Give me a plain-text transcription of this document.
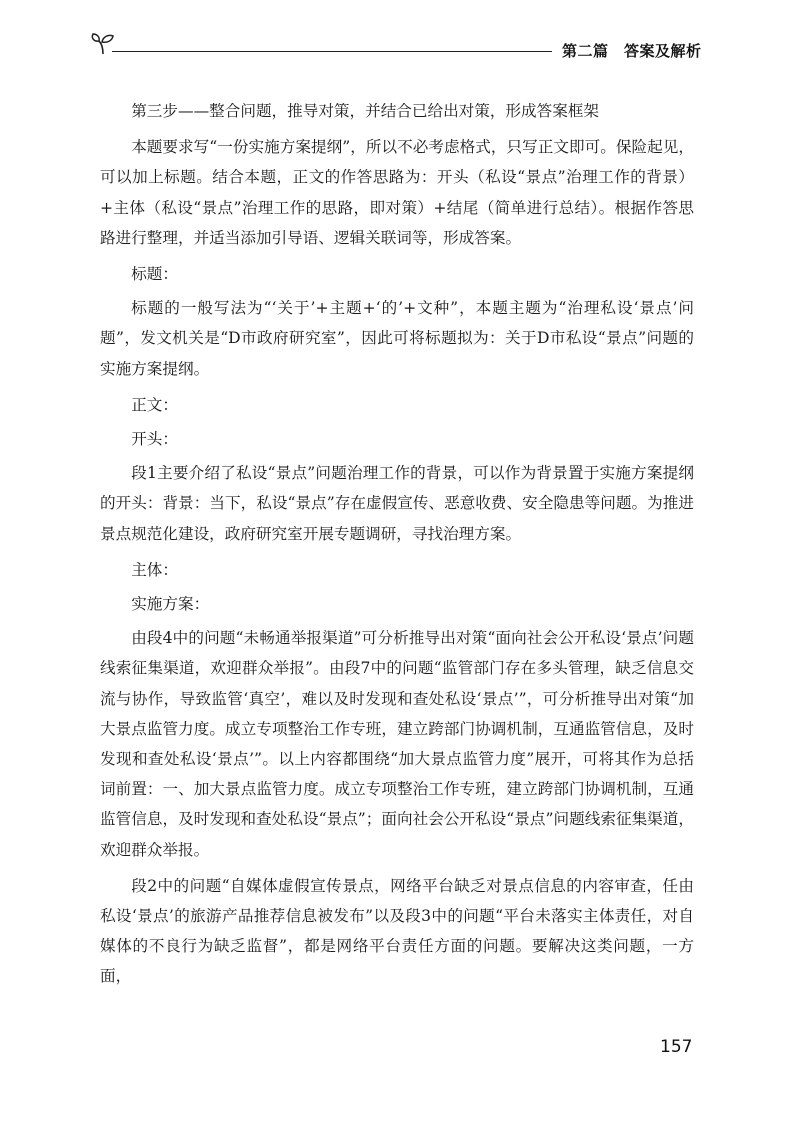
第二篇　答案及解析

第三步——整合问题，推导对策，并结合已给出对策，形成答案框架

本题要求写“一份实施方案提纲”，所以不必考虑格式，只写正文即可。保险起见，可以加上标题。结合本题，正文的作答思路为：开头（私设“景点”治理工作的背景）+主体（私设“景点”治理工作的思路，即对策）+结尾（简单进行总结）。根据作答思路进行整理，并适当添加引导语、逻辑关联词等，形成答案。

标题：

标题的一般写法为“‘关于’+主题+‘的’+文种”，本题主题为“治理私设‘景点’问题”，发文机关是“D市政府研究室”，因此可将标题拟为：关于D市私设“景点”问题的实施方案提纲。

正文：

开头：

段1主要介绍了私设“景点”问题治理工作的背景，可以作为背景置于实施方案提纲的开头：背景：当下，私设“景点”存在虚假宣传、恶意收费、安全隐患等问题。为推进景点规范化建设，政府研究室开展专题调研，寻找治理方案。

主体：

实施方案：

由段4中的问题“未畅通举报渠道”可分析推导出对策“面向社会公开私设‘景点’问题线索征集渠道，欢迎群众举报”。由段7中的问题“监管部门存在多头管理，缺乏信息交流与协作，导致监管‘真空’，难以及时发现和查处私设‘景点’”，可分析推导出对策“加大景点监管力度。成立专项整治工作专班，建立跨部门协调机制，互通监管信息，及时发现和查处私设‘景点’”。以上内容都围绕“加大景点监管力度”展开，可将其作为总括词前置：一、加大景点监管力度。成立专项整治工作专班，建立跨部门协调机制，互通监管信息，及时发现和查处私设“景点”；面向社会公开私设“景点”问题线索征集渠道，欢迎群众举报。

段2中的问题“自媒体虚假宣传景点，网络平台缺乏对景点信息的内容审查，任由私设‘景点’的旅游产品推荐信息被发布”以及段3中的问题“平台未落实主体责任，对自媒体的不良行为缺乏监督”，都是网络平台责任方面的问题。要解决这类问题，一方面，

157
